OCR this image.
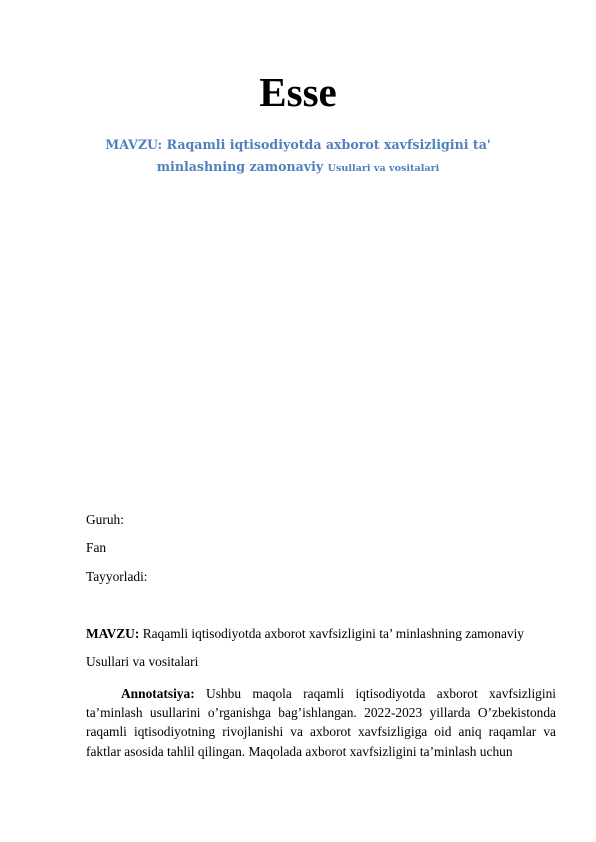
Esse
MAVZU: Raqamli iqtisodiyotda axborot xavfsizligini ta'
minlashning zamonaviy Usullari va vositalari
Guruh:
Fan
Tayyorladi:
MAVZU: Raqamli iqtisodiyotda axborot xavfsizligini ta’ minlashning zamonaviy
Usullari va vositalari

Annotatsiya: Ushbu maqola raqamli iqtisodiyotda axborot xavfsizligini ta’minlash usullarini o’rganishga bag’ishlangan. 2022-2023 yillarda O’zbekistonda raqamli iqtisodiyotning rivojlanishi va axborot xavfsizligiga oid aniq raqamlar va faktlar asosida tahlil qilingan. Maqolada axborot xavfsizligini ta’minlash uchun
